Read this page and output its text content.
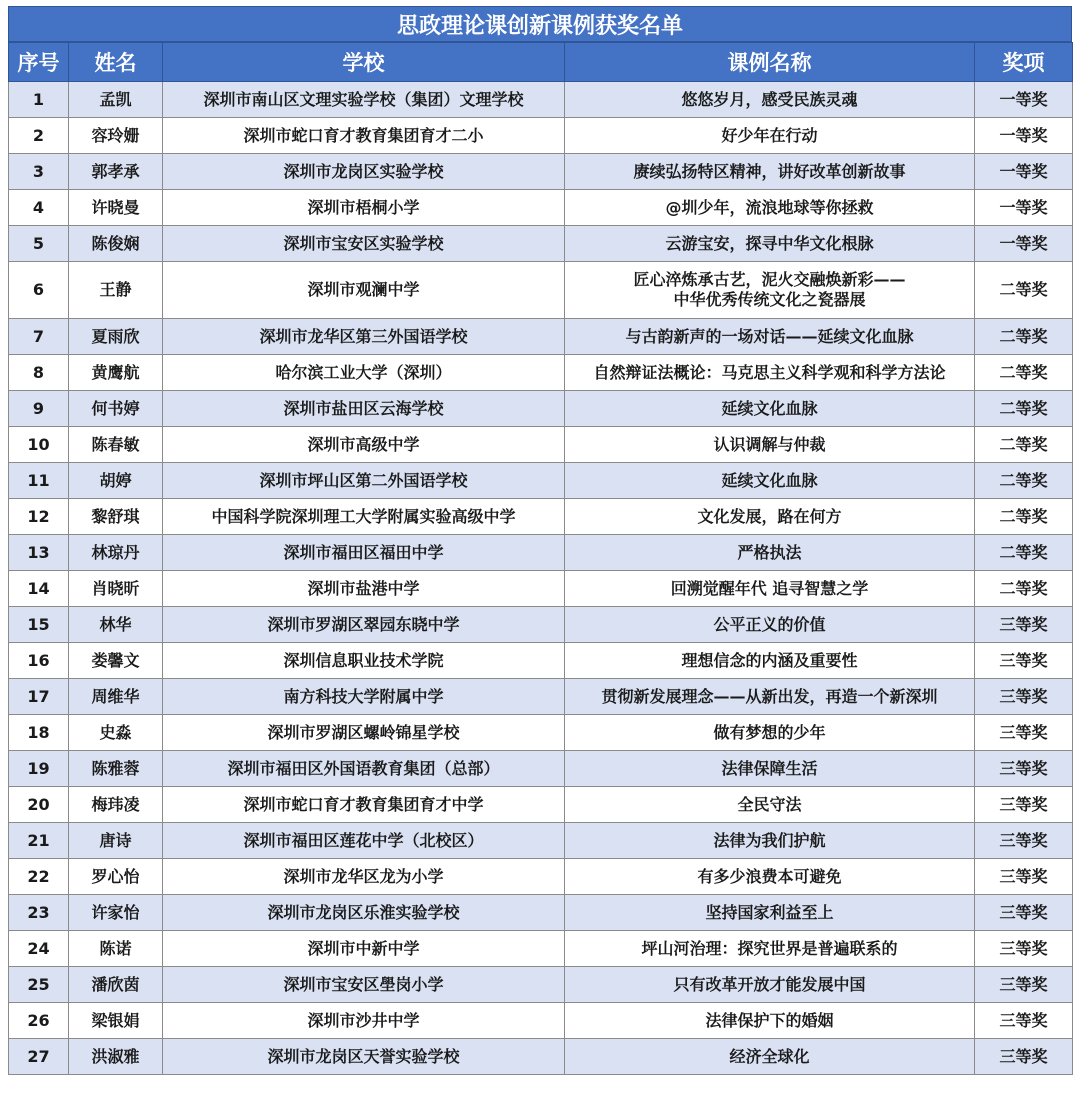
思政理论课创新课例获奖名单
序号	姓名	学校	课例名称	奖项
1	孟凯	深圳市南山区文理实验学校（集团）文理学校	悠悠岁月，感受民族灵魂	一等奖
2	容玲姗	深圳市蛇口育才教育集团育才二小	好少年在行动	一等奖
3	郭孝承	深圳市龙岗区实验学校	赓续弘扬特区精神，讲好改革创新故事	一等奖
4	许晓曼	深圳市梧桐小学	@圳少年，流浪地球等你拯救	一等奖
5	陈俊娴	深圳市宝安区实验学校	云游宝安，探寻中华文化根脉	一等奖
6	王静	深圳市观澜中学	匠心淬炼承古艺，泥火交融焕新彩——
中华优秀传统文化之瓷器展	二等奖
7	夏雨欣	深圳市龙华区第三外国语学校	与古韵新声的一场对话——延续文化血脉	二等奖
8	黄鹰航	哈尔滨工业大学（深圳）	自然辩证法概论：马克思主义科学观和科学方法论	二等奖
9	何书婷	深圳市盐田区云海学校	延续文化血脉	二等奖
10	陈春敏	深圳市高级中学	认识调解与仲裁	二等奖
11	胡婷	深圳市坪山区第二外国语学校	延续文化血脉	二等奖
12	黎舒琪	中国科学院深圳理工大学附属实验高级中学	文化发展，路在何方	二等奖
13	林琼丹	深圳市福田区福田中学	严格执法	二等奖
14	肖晓昕	深圳市盐港中学	回溯觉醒年代 追寻智慧之学	二等奖
15	林华	深圳市罗湖区翠园东晓中学	公平正义的价值	三等奖
16	娄馨文	深圳信息职业技术学院	理想信念的内涵及重要性	三等奖
17	周维华	南方科技大学附属中学	贯彻新发展理念——从新出发，再造一个新深圳	三等奖
18	史淼	深圳市罗湖区螺岭锦星学校	做有梦想的少年	三等奖
19	陈雅蓉	深圳市福田区外国语教育集团（总部）	法律保障生活	三等奖
20	梅玮凌	深圳市蛇口育才教育集团育才中学	全民守法	三等奖
21	唐诗	深圳市福田区莲花中学（北校区）	法律为我们护航	三等奖
22	罗心怡	深圳市龙华区龙为小学	有多少浪费本可避免	三等奖
23	许家怡	深圳市龙岗区乐淮实验学校	坚持国家利益至上	三等奖
24	陈诺	深圳市中新中学	坪山河治理：探究世界是普遍联系的	三等奖
25	潘欣茵	深圳市宝安区壆岗小学	只有改革开放才能发展中国	三等奖
26	梁银娟	深圳市沙井中学	法律保护下的婚姻	三等奖
27	洪淑雅	深圳市龙岗区天誉实验学校	经济全球化	三等奖
